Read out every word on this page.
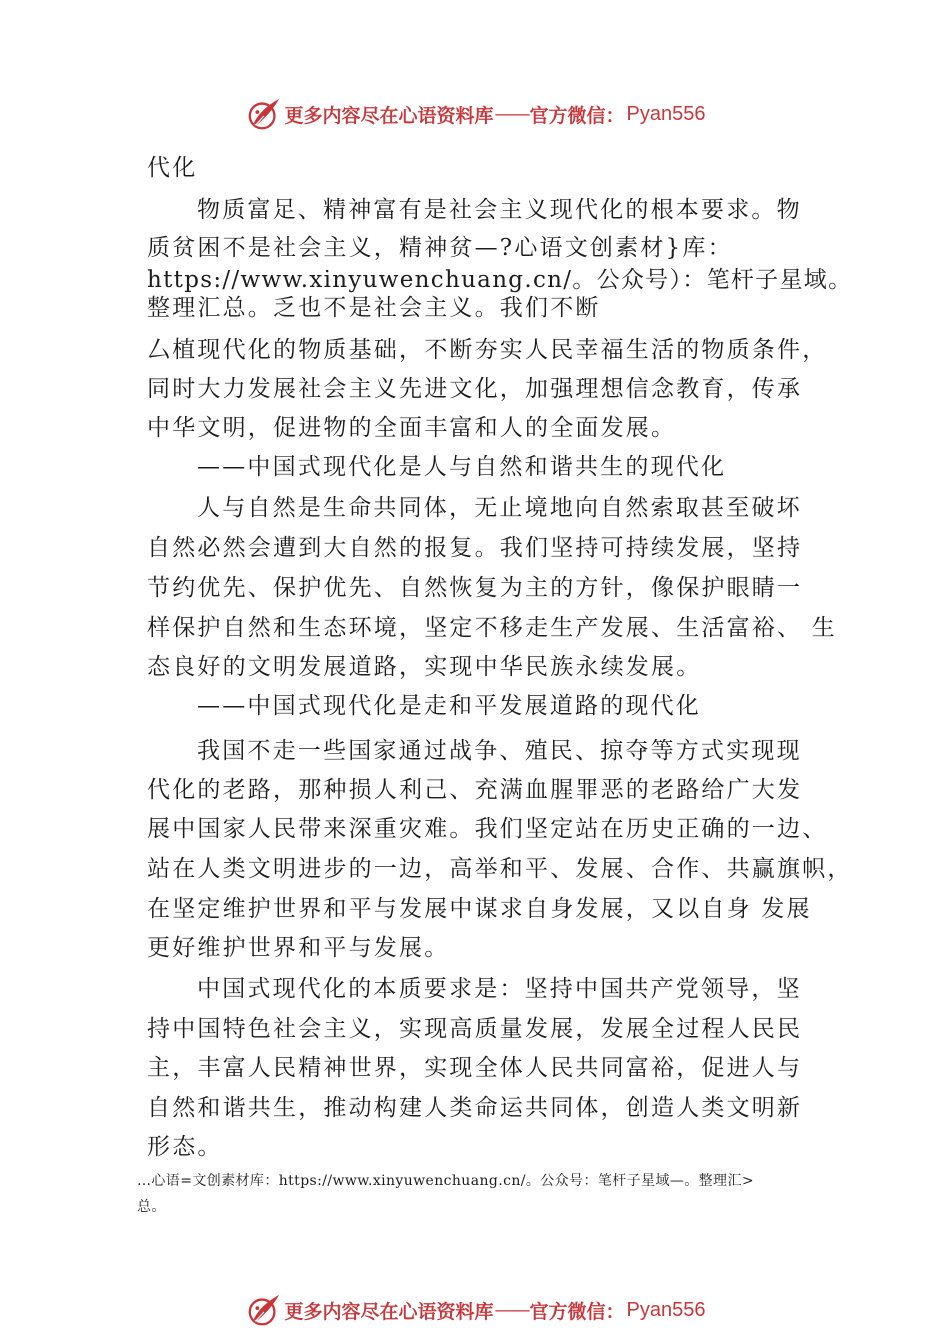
更多内容尽在心语资料库 —— 官方微信： Pyan556
代化
物质富足、精神富有是社会主义现代化的根本要求。物
质贫困不是社会主义，精神贫—?心语文创素材}库：
https://www.xinyuwenchuang.cn/。公众号）：笔杆子星域。
整理汇总。乏也不是社会主义。我们不断
厶植现代化的物质基础，不断夯实人民幸福生活的物质条件，
同时大力发展社会主义先进文化，加强理想信念教育，传承
中华文明，促进物的全面丰富和人的全面发展。
——中国式现代化是人与自然和谐共生的现代化
人与自然是生命共同体，无止境地向自然索取甚至破坏
自然必然会遭到大自然的报复。我们坚持可持续发展，坚持
节约优先、保护优先、自然恢复为主的方针，像保护眼睛一
样保护自然和生态环境，坚定不移走生产发展、生活富裕、 生
态良好的文明发展道路，实现中华民族永续发展。
——中国式现代化是走和平发展道路的现代化
我国不走一些国家通过战争、殖民、掠夺等方式实现现
代化的老路，那种损人利己、充满血腥罪恶的老路给广大发
展中国家人民带来深重灾难。我们坚定站在历史正确的一边、
站在人类文明进步的一边，高举和平、发展、合作、共赢旗帜，
在坚定维护世界和平与发展中谋求自身发展，又以自身 发展
更好维护世界和平与发展。
中国式现代化的本质要求是：坚持中国共产党领导，坚
持中国特色社会主义，实现高质量发展，发展全过程人民民
主，丰富人民精神世界，实现全体人民共同富裕，促进人与
自然和谐共生，推动构建人类命运共同体，创造人类文明新
形态。
…心语=文创素材库：https://www.xinyuwenchuang.cn/。公众号：笔杆子星域—。整理汇>
总。
更多内容尽在心语资料库 —— 官方微信： Pyan556
